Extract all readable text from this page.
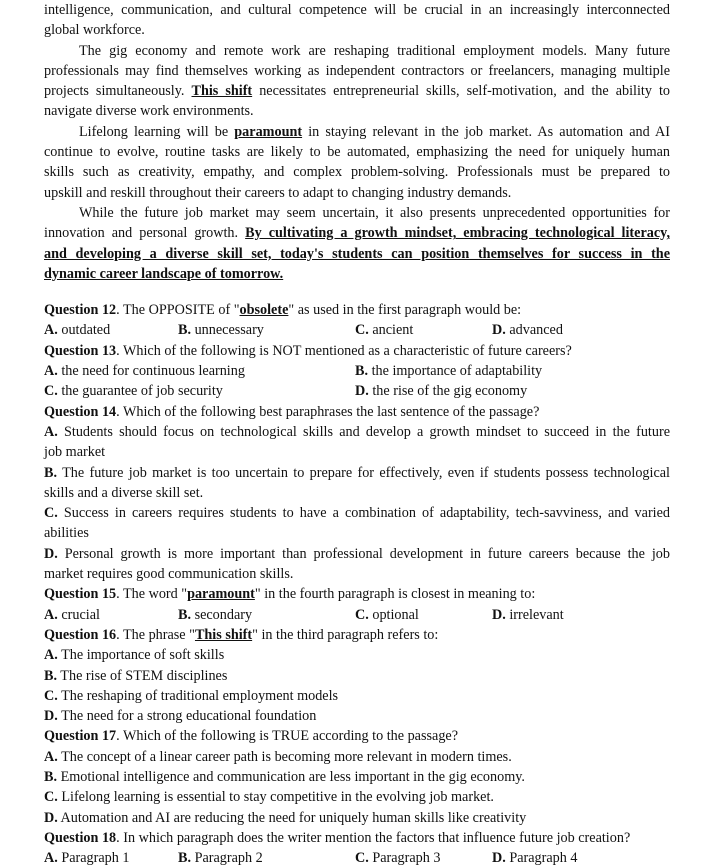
intelligence, communication, and cultural competence will be crucial in an increasingly interconnected
global workforce.
The gig economy and remote work are reshaping traditional employment models. Many future
professionals may find themselves working as independent contractors or freelancers, managing multiple
projects simultaneously. This shift necessitates entrepreneurial skills, self-motivation, and the ability to
navigate diverse work environments.
Lifelong learning will be paramount in staying relevant in the job market. As automation and AI
continue to evolve, routine tasks are likely to be automated, emphasizing the need for uniquely human
skills such as creativity, empathy, and complex problem-solving. Professionals must be prepared to
upskill and reskill throughout their careers to adapt to changing industry demands.
While the future job market may seem uncertain, it also presents unprecedented opportunities for
innovation and personal growth. By cultivating a growth mindset, embracing technological literacy,
and developing a diverse skill set, today's students can position themselves for success in the
dynamic career landscape of tomorrow.
Question 12. The OPPOSITE of "obsolete" as used in the first paragraph would be:
A. outdated	B. unnecessary	C. ancient	D. advanced
Question 13. Which of the following is NOT mentioned as a characteristic of future careers?
A. the need for continuous learning	B. the importance of adaptability
C. the guarantee of job security	D. the rise of the gig economy
Question 14. Which of the following best paraphrases the last sentence of the passage?
A. Students should focus on technological skills and develop a growth mindset to succeed in the future
job market
B. The future job market is too uncertain to prepare for effectively, even if students possess technological
skills and a diverse skill set.
C. Success in careers requires students to have a combination of adaptability, tech-savviness, and varied
abilities
D. Personal growth is more important than professional development in future careers because the job
market requires good communication skills.
Question 15. The word "paramount" in the fourth paragraph is closest in meaning to:
A. crucial	B. secondary	C. optional	D. irrelevant
Question 16. The phrase "This shift" in the third paragraph refers to:
A. The importance of soft skills
B. The rise of STEM disciplines
C. The reshaping of traditional employment models
D. The need for a strong educational foundation
Question 17. Which of the following is TRUE according to the passage?
A. The concept of a linear career path is becoming more relevant in modern times.
B. Emotional intelligence and communication are less important in the gig economy.
C. Lifelong learning is essential to stay competitive in the evolving job market.
D. Automation and AI are reducing the need for uniquely human skills like creativity
Question 18. In which paragraph does the writer mention the factors that influence future job creation?
A. Paragraph 1	B. Paragraph 2	C. Paragraph 3	D. Paragraph 4
